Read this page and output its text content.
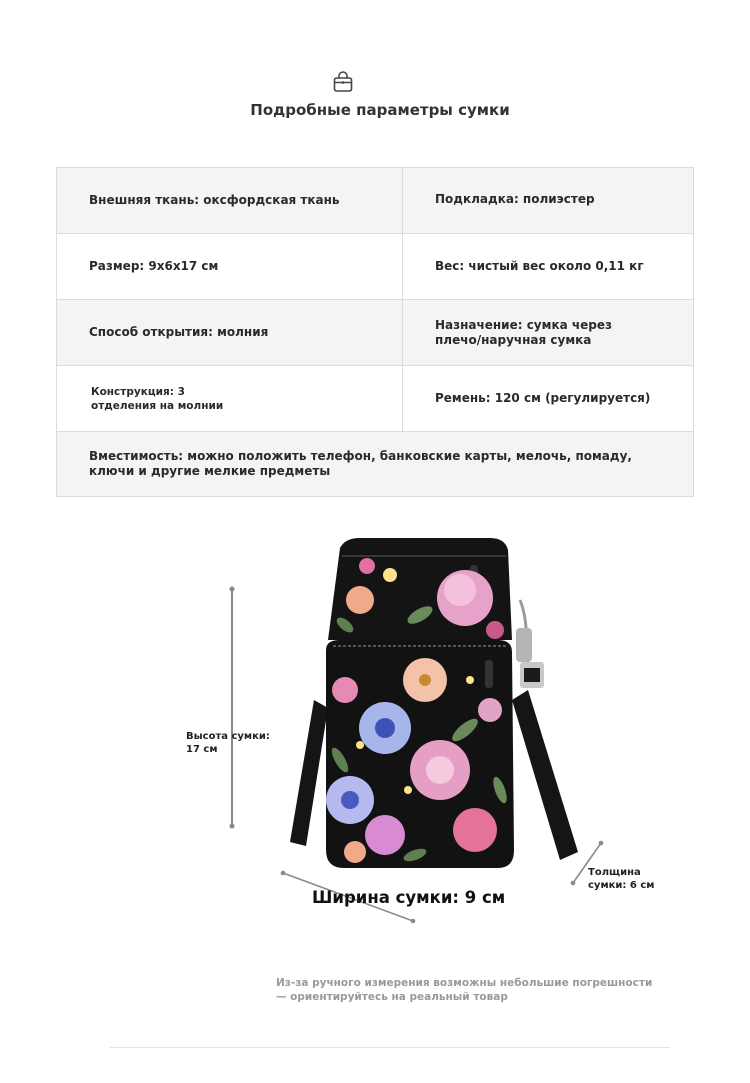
Подробные параметры сумки
Внешняя ткань: оксфордская ткань	Подкладка: полиэстер
Размер: 9x6x17 см	Вес: чистый вес около 0,11 кг
Способ открытия: молния
Назначение: сумка через
плечо/наручная сумка
Конструкция: 3
отделения на молнии
Ремень: 120 см (регулируется)
Вместимость: можно положить телефон, банковские карты, мелочь, помаду,
ключи и другие мелкие предметы
Высота сумки:
17 см
Толщина
сумки: 6 см
Ширина сумки: 9 см
Из-за ручного измерения возможны небольшие погрешности
— ориентируйтесь на реальный товар
